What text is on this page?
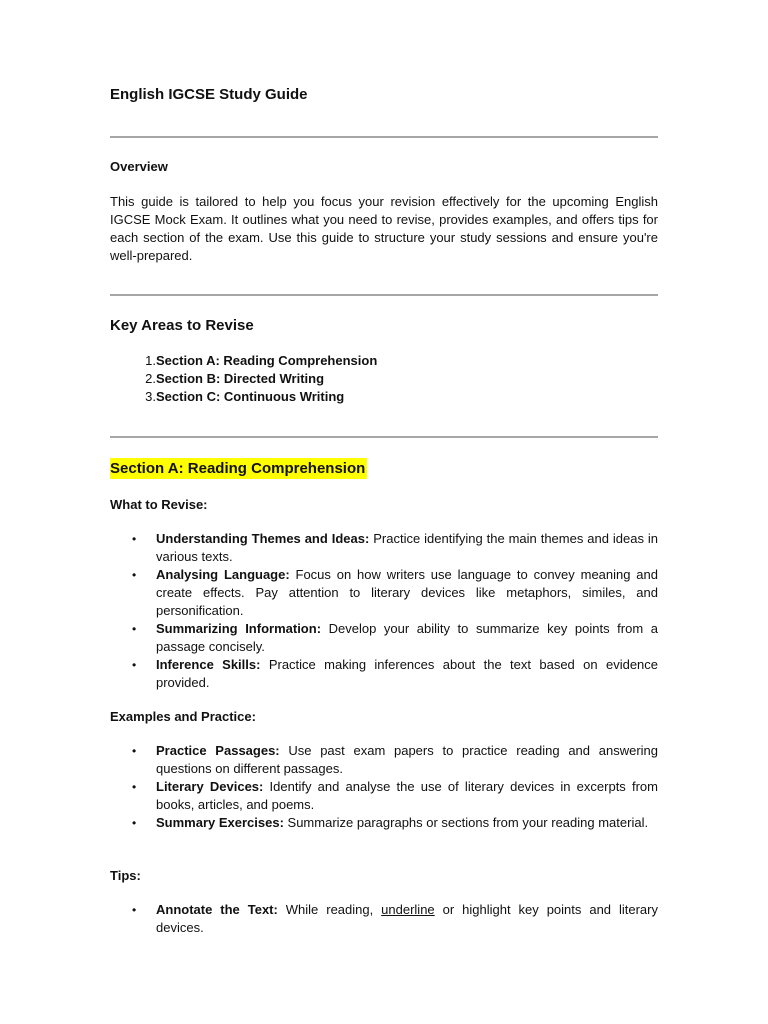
English IGCSE Study Guide
Overview

This guide is tailored to help you focus your revision effectively for the upcoming English IGCSE Mock Exam. It outlines what you need to revise, provides examples, and offers tips for each section of the exam. Use this guide to structure your study sessions and ensure you're well-prepared.

Key Areas to Revise
1. Section A: Reading Comprehension
2. Section B: Directed Writing
3. Section C: Continuous Writing
Section A: Reading Comprehension
What to Revise:
• Understanding Themes and Ideas: Practice identifying the main themes and ideas in various texts.
• Analysing Language: Focus on how writers use language to convey meaning and create effects. Pay attention to literary devices like metaphors, similes, and personification.
• Summarizing Information: Develop your ability to summarize key points from a passage concisely.
• Inference Skills: Practice making inferences about the text based on evidence provided.
Examples and Practice:
• Practice Passages: Use past exam papers to practice reading and answering questions on different passages.
• Literary Devices: Identify and analyse the use of literary devices in excerpts from books, articles, and poems.
• Summary Exercises: Summarize paragraphs or sections from your reading material.
Tips:
• Annotate the Text: While reading, underline or highlight key points and literary devices.
